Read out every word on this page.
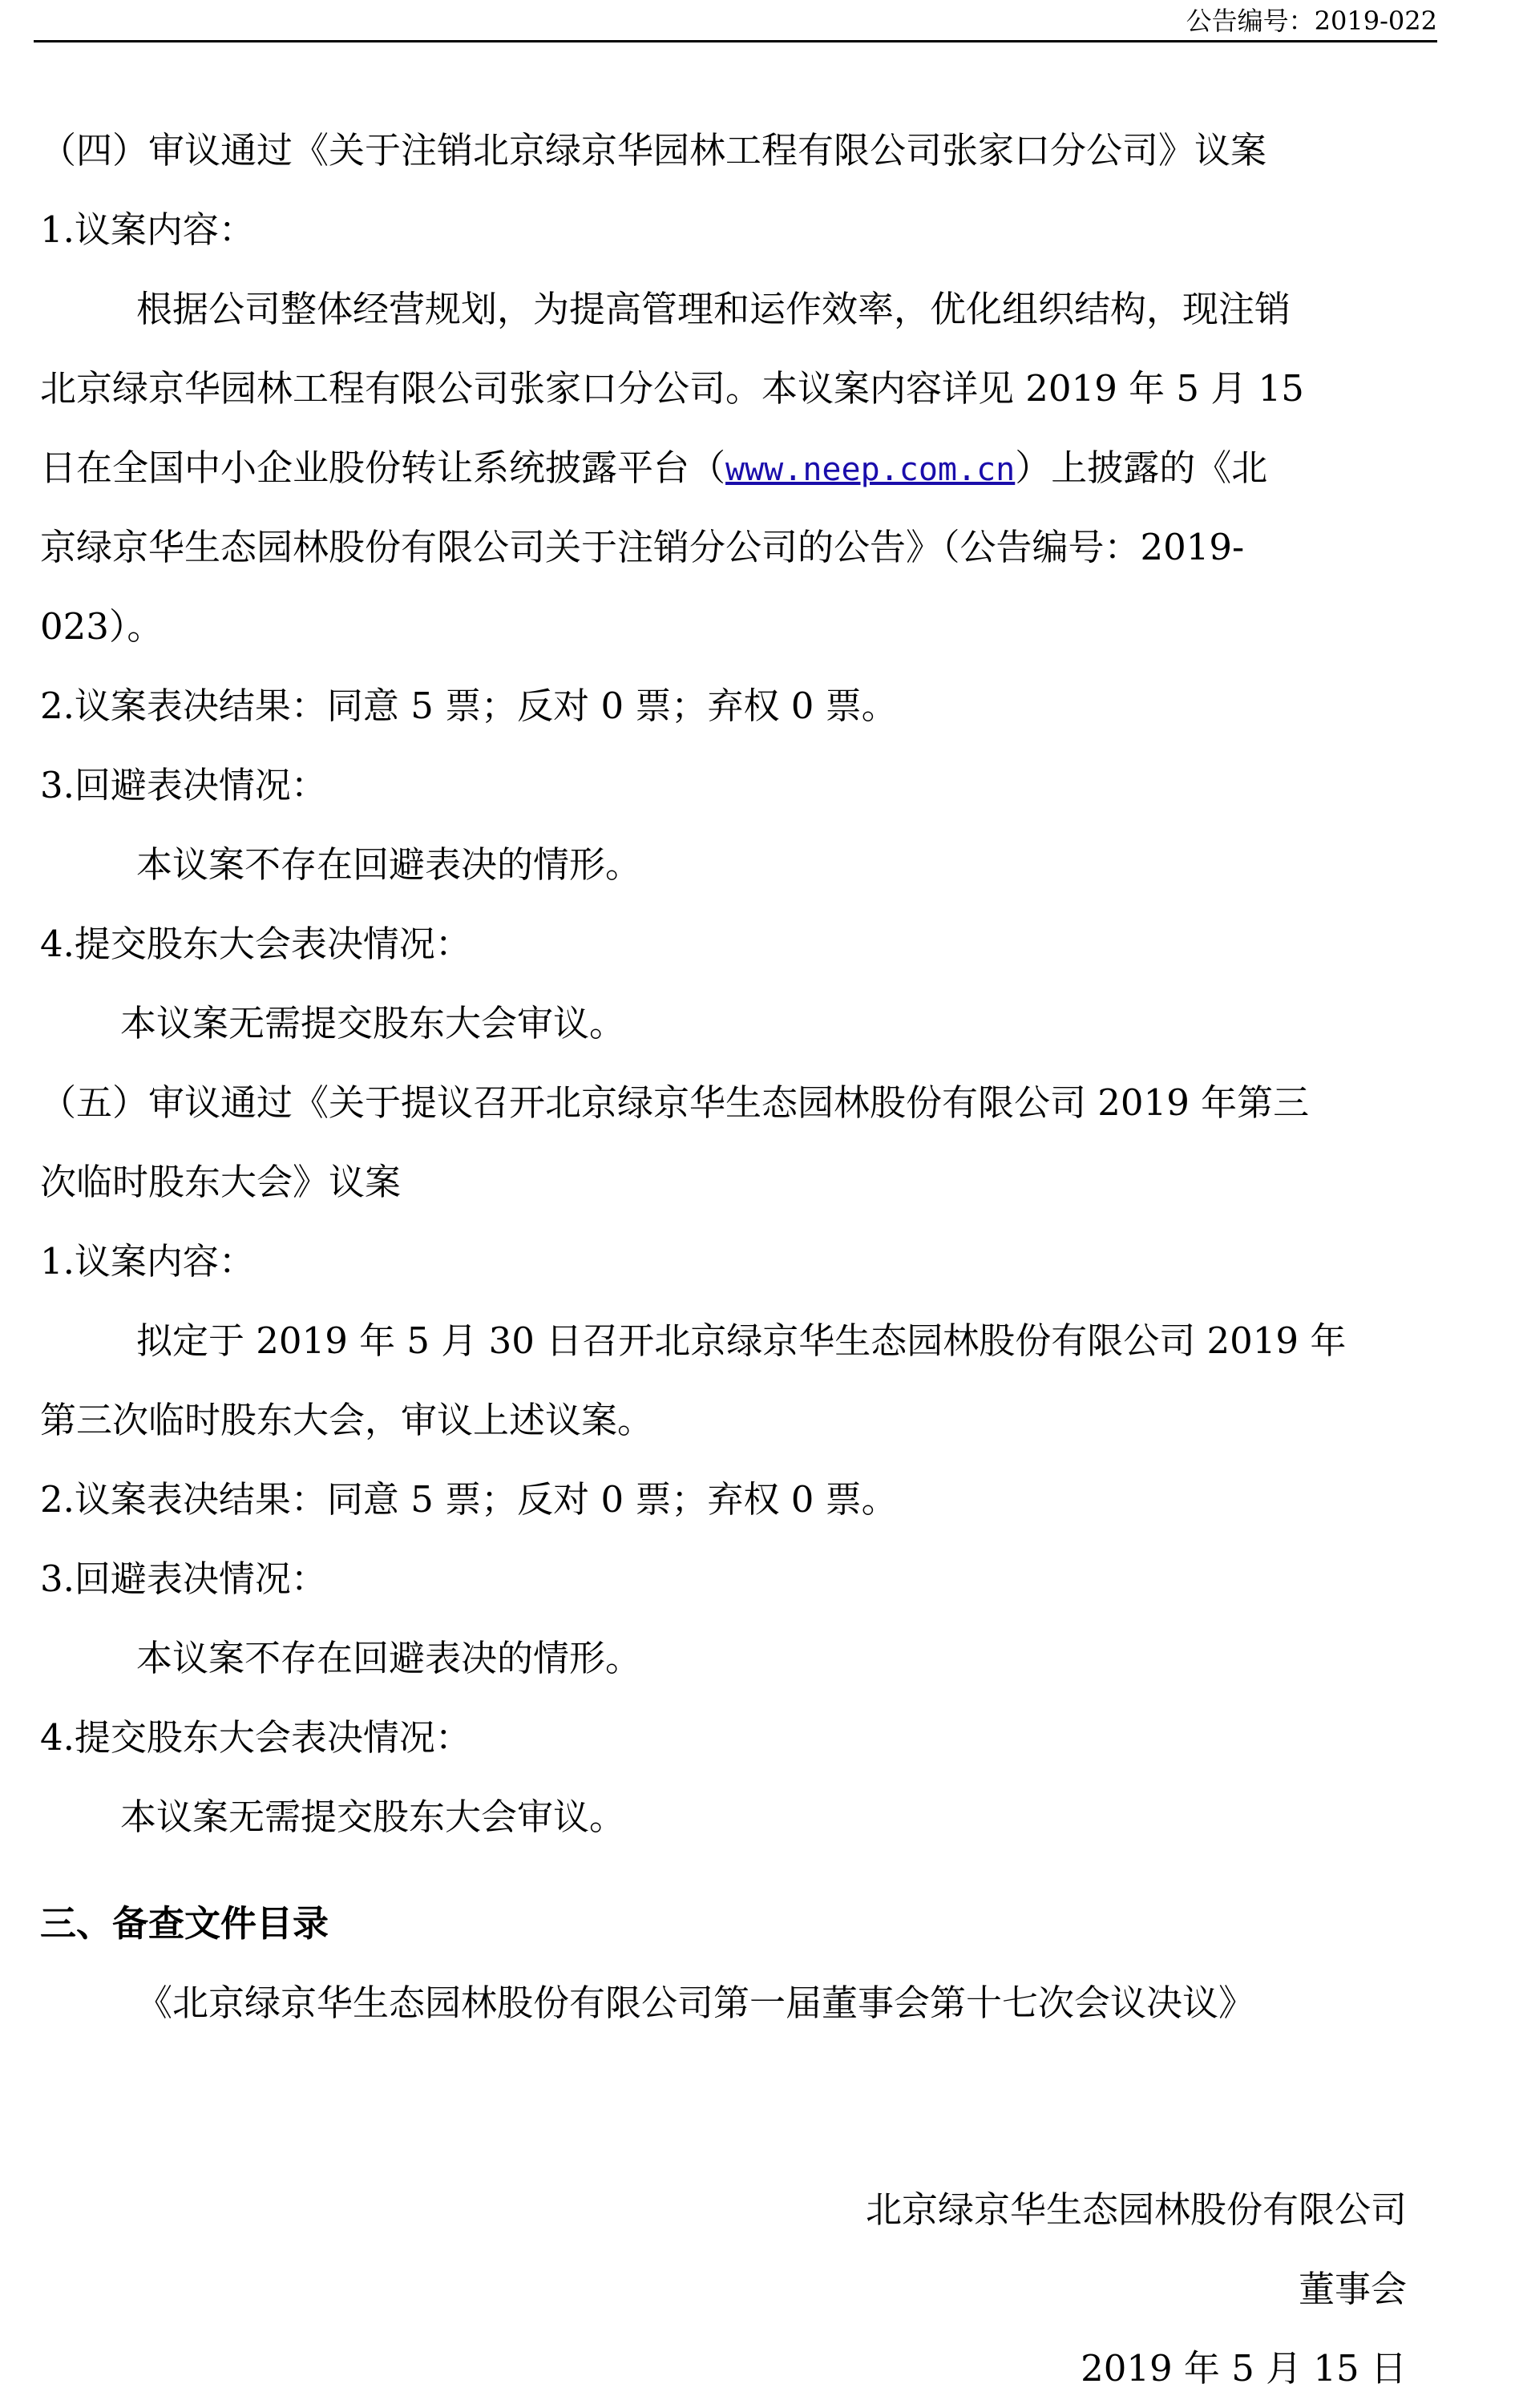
公告编号：2019-022
（四）审议通过《关于注销北京绿京华园林工程有限公司张家口分公司》议案
1.议案内容：
根据公司整体经营规划，为提高管理和运作效率，优化组织结构，现注销
北京绿京华园林工程有限公司张家口分公司。本议案内容详见 2019 年 5 月 15
日在全国中小企业股份转让系统披露平台（www.neep.com.cn）上披露的《北
京绿京华生态园林股份有限公司关于注销分公司的公告》（公告编号：2019-
023）。
2.议案表决结果：同意 5 票；反对 0 票；弃权 0 票。
3.回避表决情况：
本议案不存在回避表决的情形。
4.提交股东大会表决情况：
本议案无需提交股东大会审议。
（五）审议通过《关于提议召开北京绿京华生态园林股份有限公司 2019 年第三
次临时股东大会》议案
1.议案内容：
拟定于 2019 年 5 月 30 日召开北京绿京华生态园林股份有限公司 2019 年
第三次临时股东大会，审议上述议案。
2.议案表决结果：同意 5 票；反对 0 票；弃权 0 票。
3.回避表决情况：
本议案不存在回避表决的情形。
4.提交股东大会表决情况：
本议案无需提交股东大会审议。
三、备查文件目录
《北京绿京华生态园林股份有限公司第一届董事会第十七次会议决议》
北京绿京华生态园林股份有限公司
董事会
2019 年 5 月 15 日
